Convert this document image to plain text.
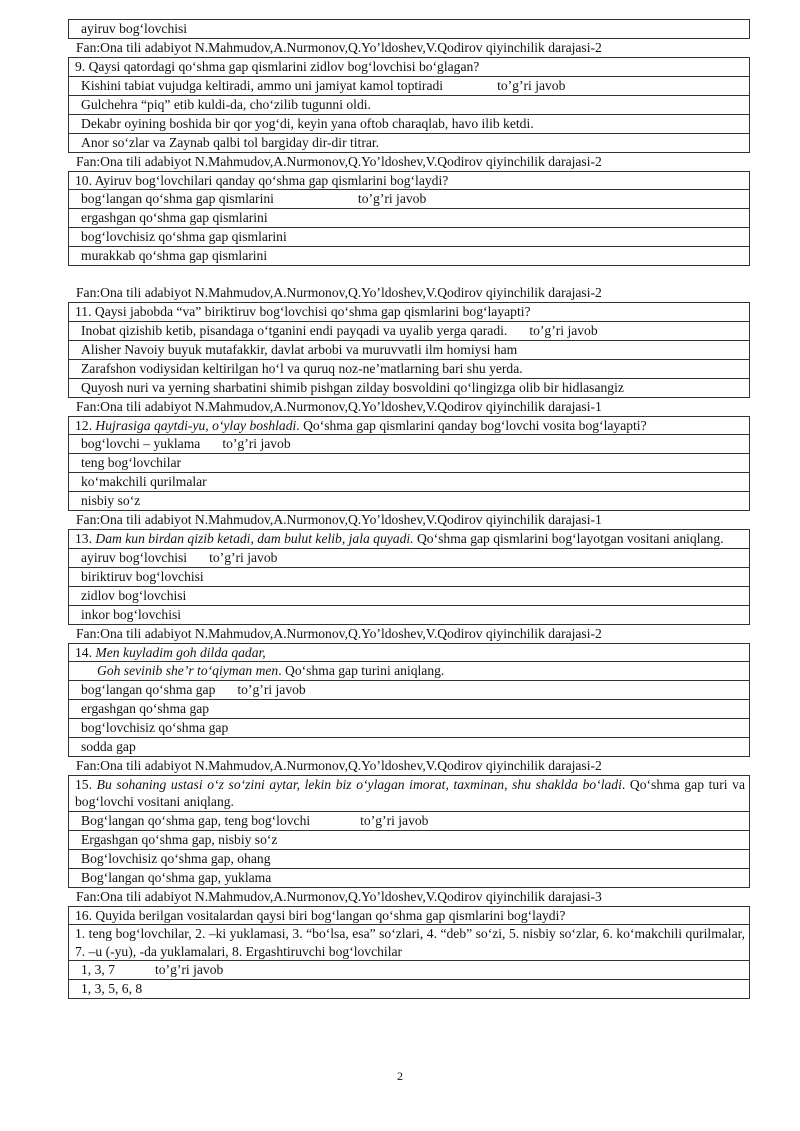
ayiruv bog‘lovchisi
Fan:Ona tili adabiyot N.Mahmudov,A.Nurmonov,Q.Yo’ldoshev,V.Qodirov qiyinchilik darajasi-2
9. Qaysi qatordagi qo‘shma gap qismlarini zidlov bog‘lovchisi bo‘glagan?
Kishini tabiat vujudga keltiradi, ammo uni jamiyat kamol toptiradi	to’g’ri javob
Gulchehra “piq” etib kuldi-da, cho‘zilib tugunni oldi.
Dekabr oyining boshida bir qor yog‘di, keyin yana oftob charaqlab, havo ilib ketdi.
Anor so‘zlar va Zaynab qalbi tol bargiday dir-dir titrar.
Fan:Ona tili adabiyot N.Mahmudov,A.Nurmonov,Q.Yo’ldoshev,V.Qodirov qiyinchilik darajasi-2
10. Ayiruv bog‘lovchilari qanday qo‘shma gap qismlarini bog‘laydi?
bog‘langan qo‘shma gap qismlarini	to’g’ri javob
ergashgan qo‘shma gap qismlarini
bog‘lovchisiz qo‘shma gap qismlarini
murakkab qo‘shma gap qismlarini
Fan:Ona tili adabiyot N.Mahmudov,A.Nurmonov,Q.Yo’ldoshev,V.Qodirov qiyinchilik darajasi-2
11. Qaysi jabobda “va” biriktiruv bog‘lovchisi qo‘shma gap qismlarini bog‘layapti?
Inobat qizishib ketib, pisandaga o‘tganini endi payqadi va uyalib yerga qaradi. to’g’ri javob
Alisher Navoiy buyuk mutafakkir, davlat arbobi va muruvvatli ilm homiysi ham
Zarafshon vodiysidan keltirilgan ho‘l va quruq noz-ne’matlarning bari shu yerda.
Quyosh nuri va yerning sharbatini shimib pishgan zilday bosvoldini qo‘lingizga olib bir hidlasangiz
Fan:Ona tili adabiyot N.Mahmudov,A.Nurmonov,Q.Yo’ldoshev,V.Qodirov qiyinchilik darajasi-1
12. Hujrasiga qaytdi-yu, o‘ylay boshladi. Qo‘shma gap qismlarini qanday bog‘lovchi vosita bog‘layapti?
bog‘lovchi – yuklama to’g’ri javob
teng bog‘lovchilar
ko‘makchili qurilmalar
nisbiy so‘z
Fan:Ona tili adabiyot N.Mahmudov,A.Nurmonov,Q.Yo’ldoshev,V.Qodirov qiyinchilik darajasi-1
13. Dam kun birdan qizib ketadi, dam bulut kelib, jala quyadi. Qo‘shma gap qismlarini bog‘layotgan vositani aniqlang.
ayiruv bog‘lovchisi to’g’ri javob
biriktiruv bog‘lovchisi
zidlov bog‘lovchisi
inkor bog‘lovchisi
Fan:Ona tili adabiyot N.Mahmudov,A.Nurmonov,Q.Yo’ldoshev,V.Qodirov qiyinchilik darajasi-2
14. Men kuyladim goh dilda qadar,
Goh sevinib she’r to‘qiyman men. Qo‘shma gap turini aniqlang.
bog‘langan qo‘shma gap to’g’ri javob
ergashgan qo‘shma gap
bog‘lovchisiz qo‘shma gap
sodda gap
Fan:Ona tili adabiyot N.Mahmudov,A.Nurmonov,Q.Yo’ldoshev,V.Qodirov qiyinchilik darajasi-2
15. Bu sohaning ustasi o‘z so‘zini aytar, lekin biz o‘ylagan imorat, taxminan, shu shaklda bo‘ladi. Qo‘shma gap turi va bog‘lovchi vositani aniqlang.
Bog‘langan qo‘shma gap, teng bog‘lovchi	to’g’ri javob
Ergashgan qo‘shma gap, nisbiy so‘z
Bog‘lovchisiz qo‘shma gap, ohang
Bog‘langan qo‘shma gap, yuklama
Fan:Ona tili adabiyot N.Mahmudov,A.Nurmonov,Q.Yo’ldoshev,V.Qodirov qiyinchilik darajasi-3
16. Quyida berilgan vositalardan qaysi biri bog‘langan qo‘shma gap qismlarini bog‘laydi?
1. teng bog‘lovchilar, 2. –ki yuklamasi, 3. “bo‘lsa, esa” so‘zlari, 4. “deb” so‘zi, 5. nisbiy so‘zlar, 6. ko‘makchili qurilmalar, 7. –u (-yu), -da yuklamalari, 8. Ergashtiruvchi bog‘lovchilar
1, 3, 7	to’g’ri javob
1, 3, 5, 6, 8
2
